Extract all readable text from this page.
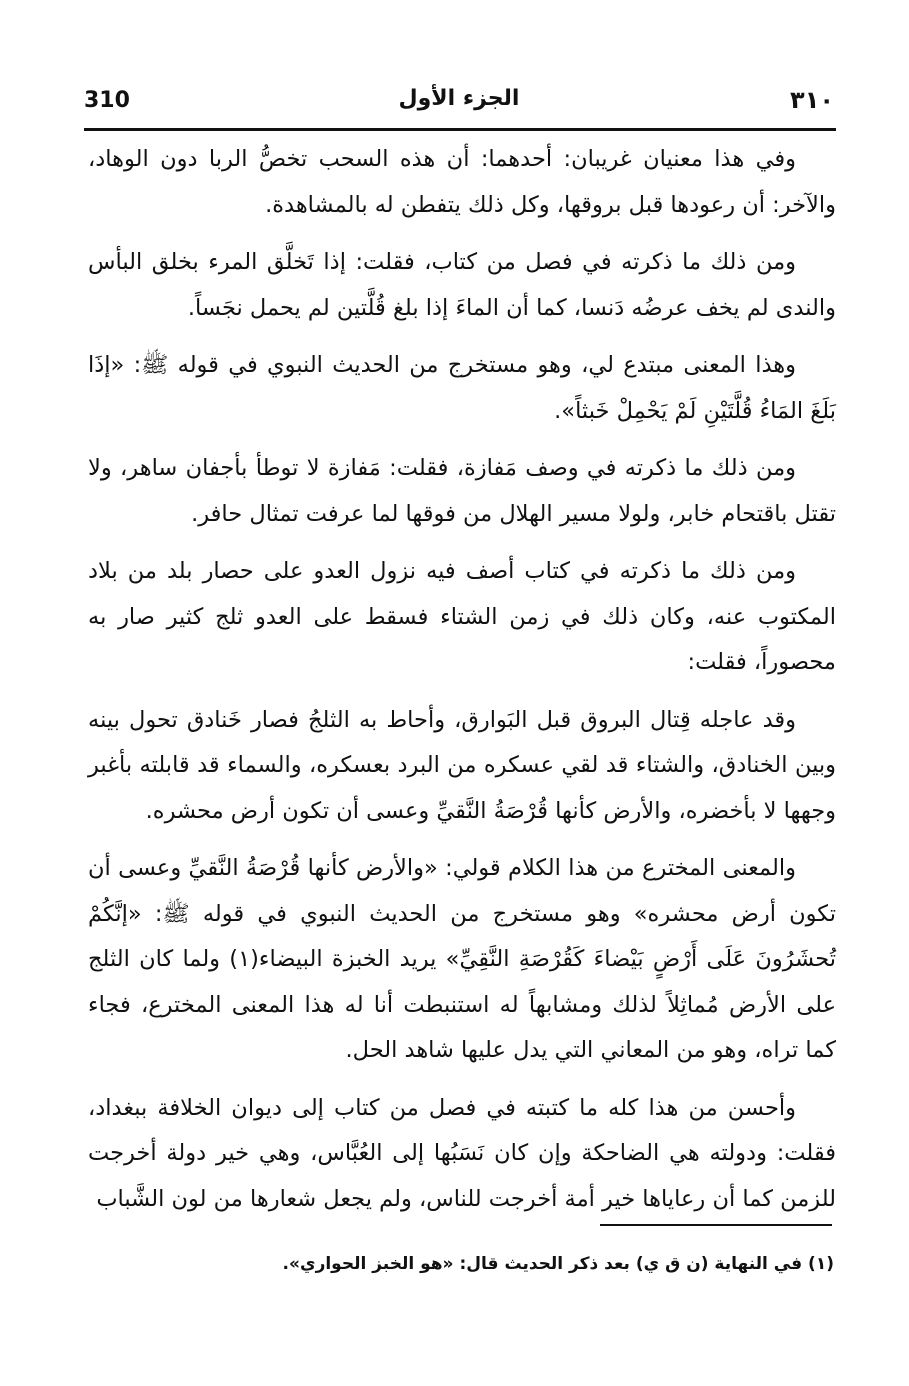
310	الجزء الأول	٣١٠

وفي هذا معنيان غريبان: أحدهما: أن هذه السحب تخصُّ الربا دون الوهاد، والآخر: أن رعودها قبل بروقها، وكل ذلك يتفطن له بالمشاهدة.

ومن ذلك ما ذكرته في فصل من كتاب، فقلت: إذا تَخلَّق المرء بخلق البأس والندى لم يخف عرضُه دَنسا، كما أن الماءَ إذا بلغ قُلَّتين لم يحمل نجَساً.

وهذا المعنى مبتدع لي، وهو مستخرج من الحديث النبوي في قوله ﷺ: «إذَا بَلَغَ المَاءُ قُلَّتَيْنِ لَمْ يَحْمِلْ خَبثاً».

ومن ذلك ما ذكرته في وصف مَفازة، فقلت: مَفازة لا توطأ بأجفان ساهر، ولا تقتل باقتحام خابر، ولولا مسير الهلال من فوقها لما عرفت تمثال حافر.

ومن ذلك ما ذكرته في كتاب أصف فيه نزول العدو على حصار بلد من بلاد المكتوب عنه، وكان ذلك في زمن الشتاء فسقط على العدو ثلج كثير صار به محصوراً، فقلت:

وقد عاجله قِتال البروق قبل البَوارق، وأحاط به الثلجُ فصار خَنادق تحول بينه وبين الخنادق، والشتاء قد لقي عسكره من البرد بعسكره، والسماء قد قابلته بأغبر وجهها لا بأخضره، والأرض كأنها قُرْصَةُ النَّقيِّ وعسى أن تكون أرض محشره.

والمعنى المخترع من هذا الكلام قولي: «والأرض كأنها قُرْصَةُ النَّقيِّ وعسى أن تكون أرض محشره» وهو مستخرج من الحديث النبوي في قوله ﷺ: «إنَّكُمْ تُحشَرُونَ عَلَى أَرْضٍ بَيْضاءَ كَقُرْصَةِ النَّقِيِّ» يريد الخبزة البيضاء(١) ولما كان الثلج على الأرض مُماثِلاً لذلك ومشابهاً له استنبطت أنا له هذا المعنى المخترع، فجاء كما تراه، وهو من المعاني التي يدل عليها شاهد الحل.

وأحسن من هذا كله ما كتبته في فصل من كتاب إلى ديوان الخلافة ببغداد، فقلت: ودولته هي الضاحكة وإن كان نَسَبُها إلى العُبَّاس، وهي خير دولة أخرجت للزمن كما أن رعاياها خير أمة أخرجت للناس، ولم يجعل شعارها من لون الشَّباب

(١) في النهاية (ن ق ي) بعد ذكر الحديث قال: «هو الخبز الحواري».
